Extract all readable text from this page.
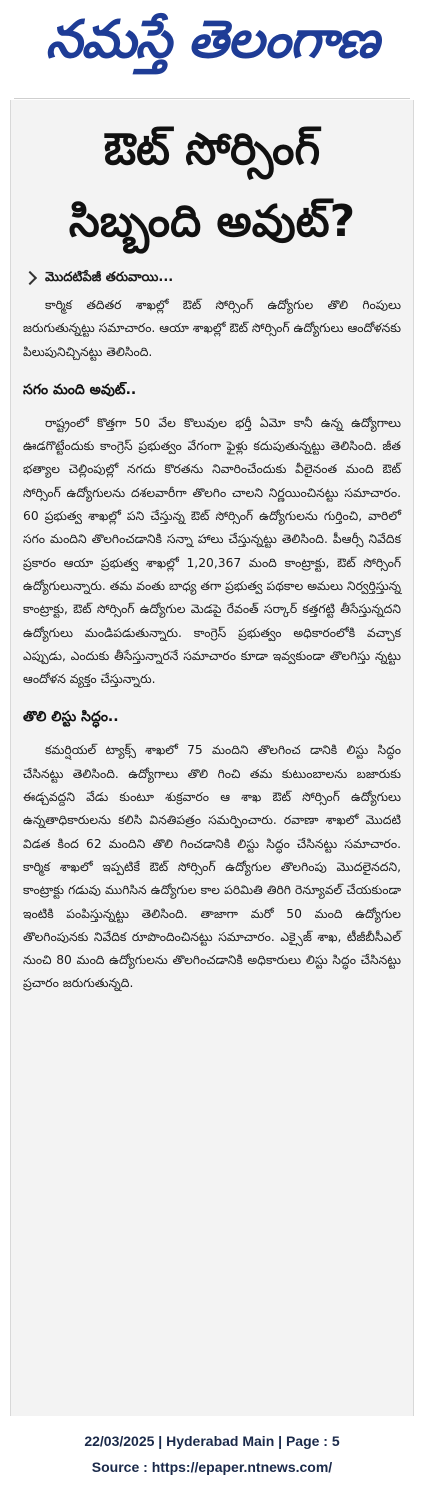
నమస్తే తెలంగాణ
ఔట్ సోర్సింగ్
సిబ్బంది అవుట్?
మొదటిపేజీ తరువాయి...

కార్మిక తదితర శాఖల్లో ఔట్ సోర్సింగ్ ఉద్యోగుల తొలి గింపులు జరుగుతున్నట్టు సమాచారం. ఆయా శాఖల్లో ఔట్ సోర్సింగ్ ఉద్యోగులు ఆందోళనకు పిలుపునిచ్చినట్టు తెలిసింది.

సగం మంది అవుట్..

రాష్ట్రంలో కొత్తగా 50 వేల కొలువుల భర్తీ ఏమో కానీ ఉన్న ఉద్యోగాలు ఊడగొట్టేందుకు కాంగ్రెస్ ప్రభుత్వం వేగంగా ఫైళ్లు కదుపుతున్నట్టు తెలిసింది. జీత భత్యాల చెల్లింపుల్లో నగదు కొరతను నివారించేందుకు వీలైనంత మంది ఔట్ సోర్సింగ్ ఉద్యోగులను దశలవారీగా తొలగిం చాలని నిర్ణయించినట్టు సమాచారం. 60 ప్రభుత్వ శాఖల్లో పని చేస్తున్న ఔట్ సోర్సింగ్ ఉద్యోగులను గుర్తించి, వారిలో సగం మందిని తొలగించడానికి సన్నా హాలు చేస్తున్నట్టు తెలిసింది. పీఆర్సీ నివేదిక ప్రకారం ఆయా ప్రభుత్వ శాఖల్లో 1,20,367 మంది కాంట్రాక్టు, ఔట్ సోర్సింగ్ ఉద్యోగులున్నారు. తమ వంతు బాధ్య తగా ప్రభుత్వ పథకాల అమలు నిర్వర్తిస్తున్న కాంట్రాక్టు, ఔట్ సోర్సింగ్ ఉద్యోగుల మెడపై రేవంత్ సర్కార్ కత్తగట్టి తీసేస్తున్నదని ఉద్యోగులు మండిపడుతున్నారు. కాంగ్రెస్ ప్రభుత్వం అధికారంలోకి వచ్చాక ఎప్పుడు, ఎందుకు తీసేస్తున్నారనే సమాచారం కూడా ఇవ్వకుండా తొలగిస్తు న్నట్టు ఆందోళన వ్యక్తం చేస్తున్నారు.

తొలి లిస్టు సిద్ధం..

కమర్షియల్ ట్యాక్స్ శాఖలో 75 మందిని తొలగించ డానికి లిస్టు సిద్ధం చేసినట్టు తెలిసింది. ఉద్యోగాలు తొలి గించి తమ కుటుంబాలను బజారుకు ఈడ్చవద్దని వేడు కుంటూ శుక్రవారం ఆ శాఖ ఔట్ సోర్సింగ్ ఉద్యోగులు ఉన్నతాధికారులను కలిసి వినతిపత్రం సమర్పించారు. రవాణా శాఖలో మొదటి విడత కింద 62 మందిని తొలి గించడానికి లిస్టు సిద్ధం చేసినట్టు సమాచారం. కార్మిక శాఖలో ఇప్పటికే ఔట్ సోర్సింగ్ ఉద్యోగుల తొలగింపు మొదలైనదని, కాంట్రాక్టు గడువు ముగిసిన ఉద్యోగుల కాల పరిమితి తిరిగి రెన్యూవల్ చేయకుండా ఇంటికి పంపిస్తున్నట్టు తెలిసింది. తాజాగా మరో 50 మంది ఉద్యోగుల తొలగింపునకు నివేదిక రూపొందించినట్టు సమాచారం. ఎక్సైజ్ శాఖ, టీజీబీసీఎల్ నుంచి 80 మంది ఉద్యోగులను తొలగించడానికి అధికారులు లిస్టు సిద్ధం చేసినట్టు ప్రచారం జరుగుతున్నది.

22/03/2025 | Hyderabad Main | Page : 5
Source : https://epaper.ntnews.com/
